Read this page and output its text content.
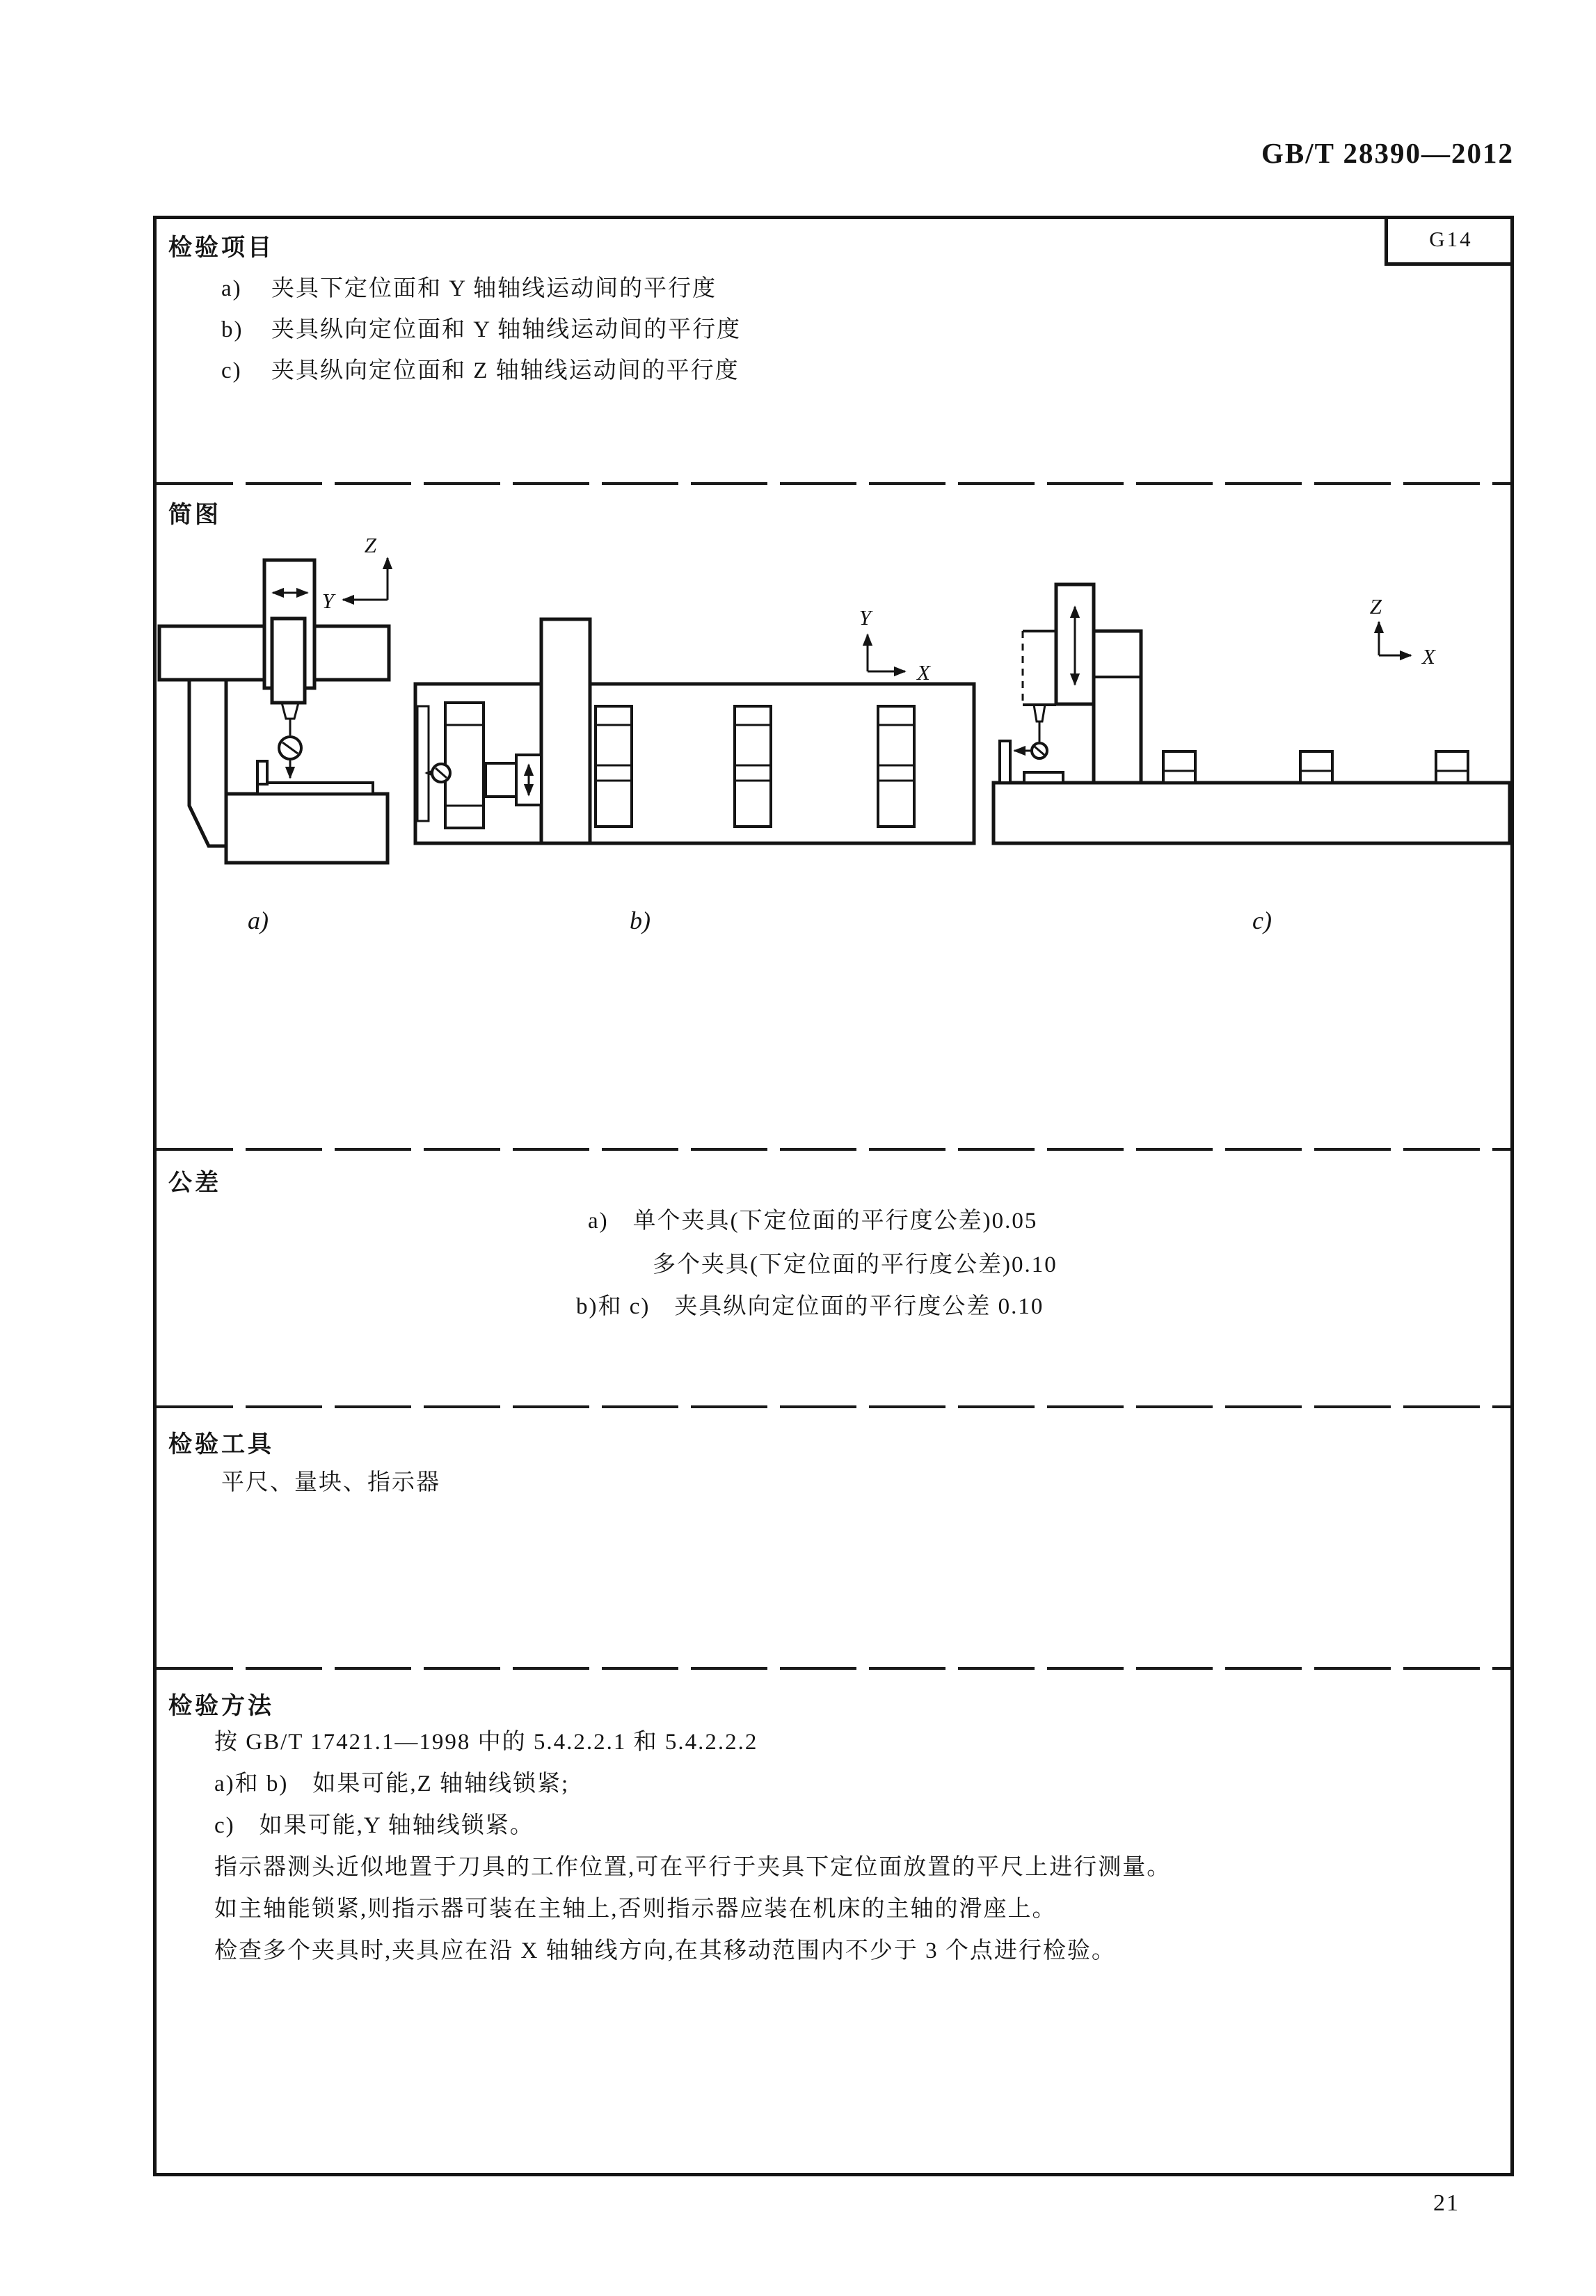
GB/T 28390—2012
G14
检验项目
a) 夹具下定位面和 Y 轴轴线运动间的平行度
b) 夹具纵向定位面和 Y 轴轴线运动间的平行度
c) 夹具纵向定位面和 Z 轴轴线运动间的平行度
简图
Z
Y
Y
X
Z
X
a)	b)	c)
公差
a)　单个夹具(下定位面的平行度公差)0.05
多个夹具(下定位面的平行度公差)0.10
b)和 c)　夹具纵向定位面的平行度公差 0.10
检验工具
平尺、量块、指示器
检验方法
按 GB/T 17421.1—1998 中的 5.4.2.2.1 和 5.4.2.2.2
a)和 b)　如果可能,Z 轴轴线锁紧;
c)　如果可能,Y 轴轴线锁紧。
指示器测头近似地置于刀具的工作位置,可在平行于夹具下定位面放置的平尺上进行测量。
如主轴能锁紧,则指示器可装在主轴上,否则指示器应装在机床的主轴的滑座上。
检查多个夹具时,夹具应在沿 X 轴轴线方向,在其移动范围内不少于 3 个点进行检验。
21
